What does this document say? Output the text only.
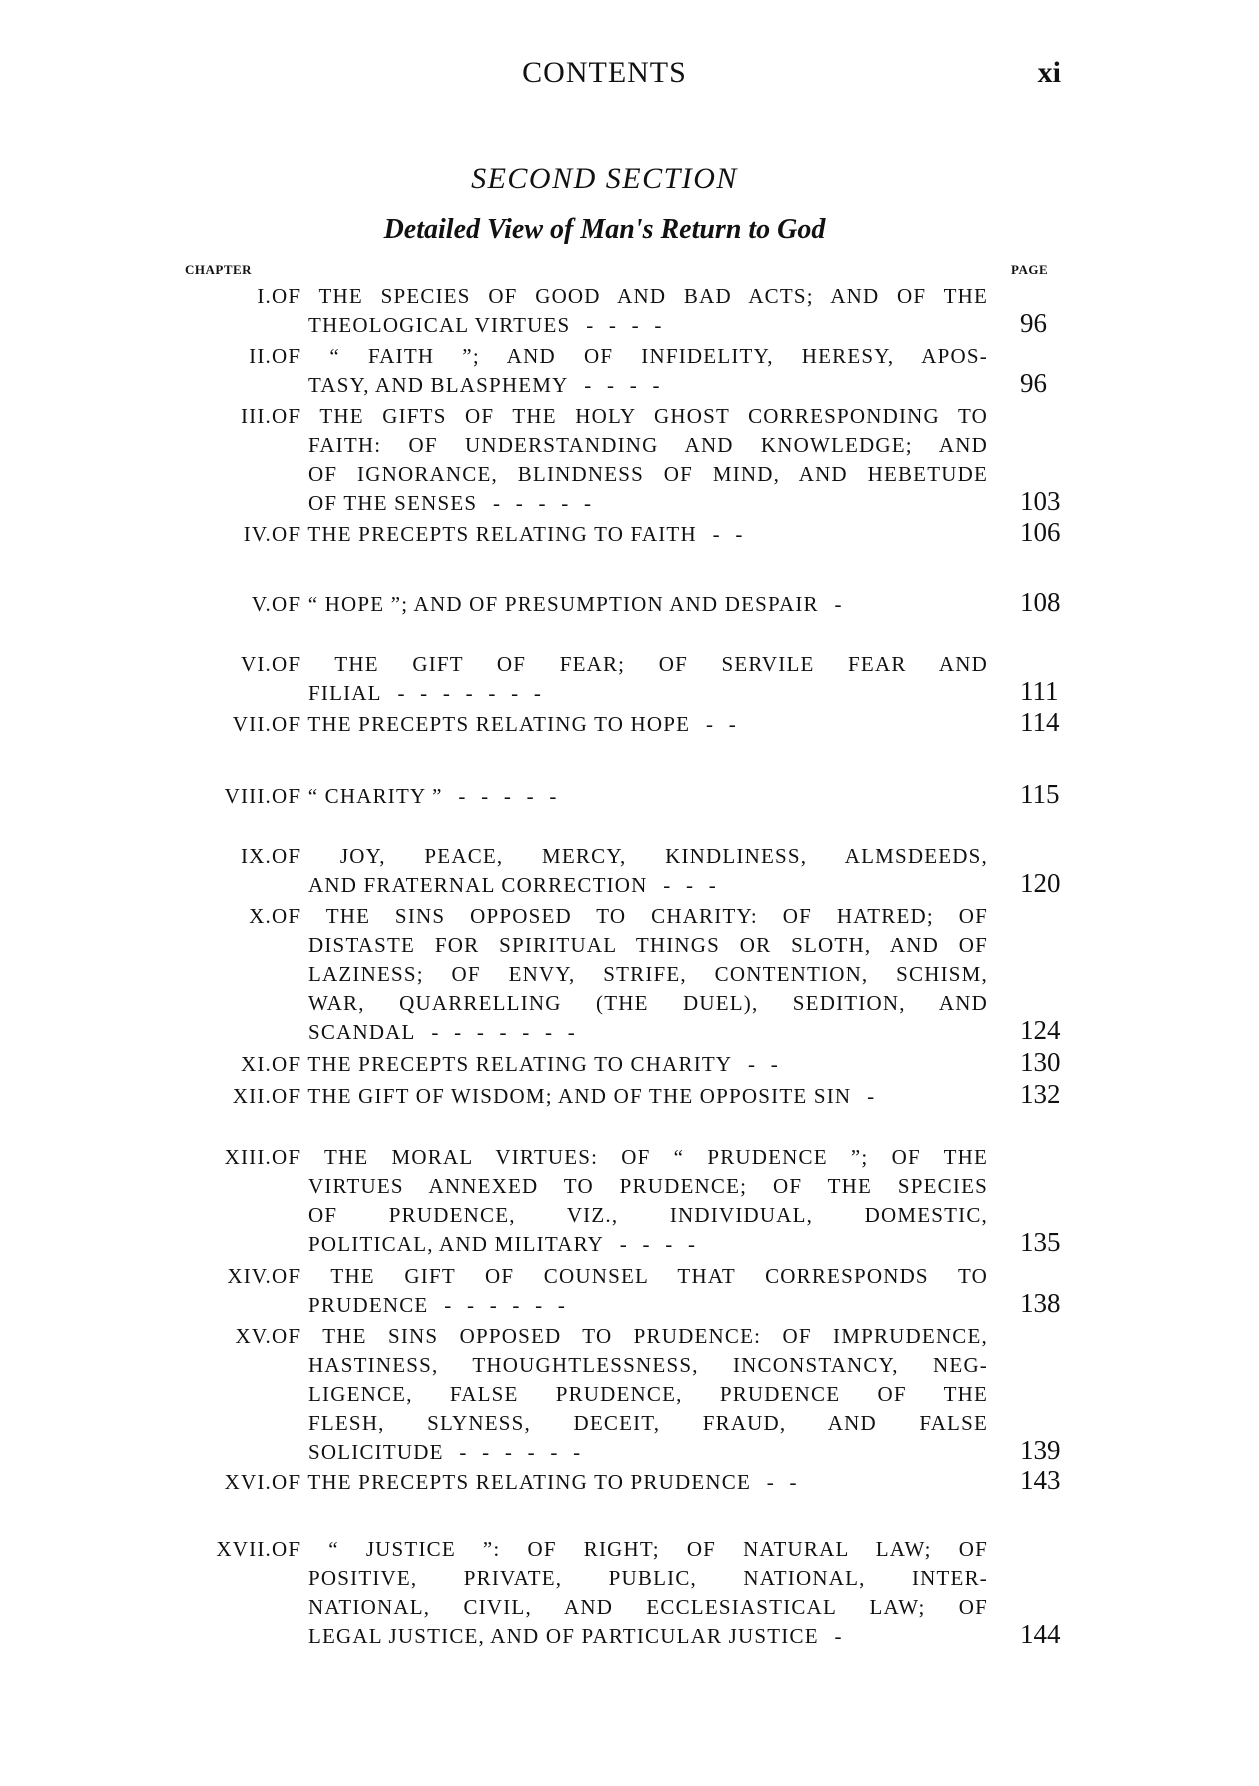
CONTENTS	xi
SECOND SECTION
Detailed View of Man's Return to God
CHAPTER	PAGE
I. OF THE SPECIES OF GOOD AND BAD ACTS; AND OF THE
THEOLOGICAL VIRTUES   -   -   -   -	96
II. OF “ FAITH ”; AND OF INFIDELITY, HERESY, APOS-
TASY, AND BLASPHEMY   -   -   -   -	96
III. OF THE GIFTS OF THE HOLY GHOST CORRESPONDING TO
FAITH: OF UNDERSTANDING AND KNOWLEDGE; AND
OF IGNORANCE, BLINDNESS OF MIND, AND HEBETUDE
OF THE SENSES   -   -   -   -   -	103
IV. OF THE PRECEPTS RELATING TO FAITH   -   -	106
V. OF “ HOPE ”; AND OF PRESUMPTION AND DESPAIR   -	108
VI. OF THE GIFT OF FEAR; OF SERVILE FEAR AND
FILIAL   -   -   -   -   -   -   -	111
VII. OF THE PRECEPTS RELATING TO HOPE   -   -	114
VIII. OF “ CHARITY ”   -   -   -   -   -	115
IX. OF JOY, PEACE, MERCY, KINDLINESS, ALMSDEEDS,
AND FRATERNAL CORRECTION   -   -   -	120
X. OF THE SINS OPPOSED TO CHARITY: OF HATRED; OF
DISTASTE FOR SPIRITUAL THINGS OR SLOTH, AND OF
LAZINESS; OF ENVY, STRIFE, CONTENTION, SCHISM,
WAR, QUARRELLING (THE DUEL), SEDITION, AND
SCANDAL   -   -   -   -   -   -   -	124
XI. OF THE PRECEPTS RELATING TO CHARITY   -   -	130
XII. OF THE GIFT OF WISDOM; AND OF THE OPPOSITE SIN   -	132
XIII. OF THE MORAL VIRTUES: OF “ PRUDENCE ”; OF THE
VIRTUES ANNEXED TO PRUDENCE; OF THE SPECIES
OF PRUDENCE, VIZ., INDIVIDUAL, DOMESTIC,
POLITICAL, AND MILITARY   -   -   -   -	135
XIV. OF THE GIFT OF COUNSEL THAT CORRESPONDS TO
PRUDENCE   -   -   -   -   -   -	138
XV. OF THE SINS OPPOSED TO PRUDENCE: OF IMPRUDENCE,
HASTINESS, THOUGHTLESSNESS, INCONSTANCY, NEG-
LIGENCE, FALSE PRUDENCE, PRUDENCE OF THE
FLESH, SLYNESS, DECEIT, FRAUD, AND FALSE
SOLICITUDE   -   -   -   -   -   -	139
XVI. OF THE PRECEPTS RELATING TO PRUDENCE   -   -	143
XVII. OF “ JUSTICE ”: OF RIGHT; OF NATURAL LAW; OF
POSITIVE, PRIVATE, PUBLIC, NATIONAL, INTER-
NATIONAL, CIVIL, AND ECCLESIASTICAL LAW; OF
LEGAL JUSTICE, AND OF PARTICULAR JUSTICE   -	144
